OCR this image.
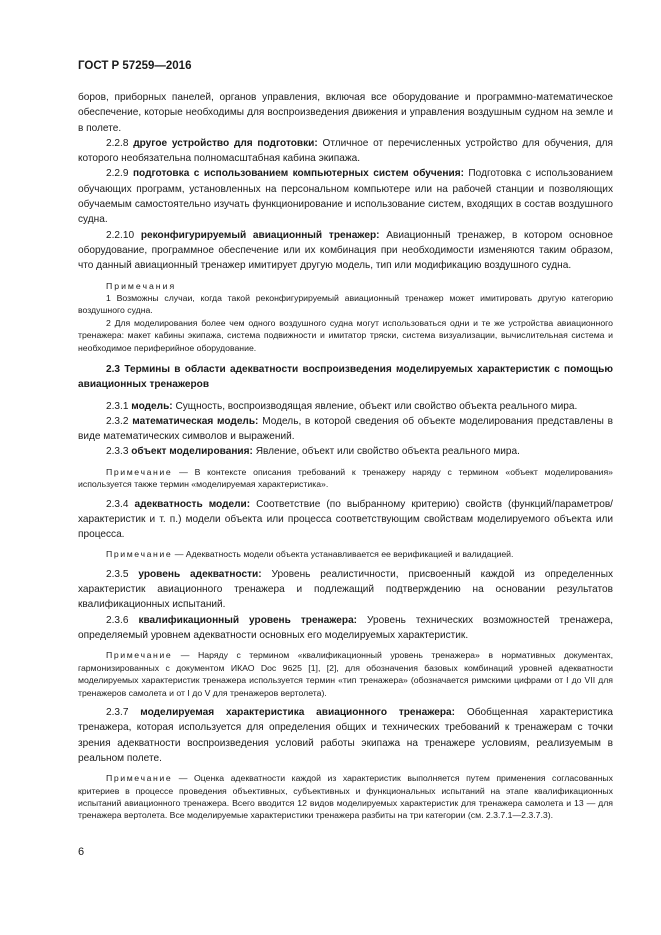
ГОСТ Р 57259—2016

боров, приборных панелей, органов управления, включая все оборудование и программно-математическое обеспечение, которые необходимы для воспроизведения движения и управления воздушным судном на земле и в полете.

2.2.8 другое устройство для подготовки: Отличное от перечисленных устройство для обучения, для которого необязательна полномасштабная кабина экипажа.

2.2.9 подготовка с использованием компьютерных систем обучения: Подготовка с использованием обучающих программ, установленных на персональном компьютере или на рабочей станции и позволяющих обучаемым самостоятельно изучать функционирование и использование систем, входящих в состав воздушного судна.

2.2.10 реконфигурируемый авиационный тренажер: Авиационный тренажер, в котором основное оборудование, программное обеспечение или их комбинация при необходимости изменяются таким образом, что данный авиационный тренажер имитирует другую модель, тип или модификацию воздушного судна.

Примечания

1 Возможны случаи, когда такой реконфигурируемый авиационный тренажер может имитировать другую категорию воздушного судна.

2 Для моделирования более чем одного воздушного судна могут использоваться одни и те же устройства авиационного тренажера: макет кабины экипажа, система подвижности и имитатор тряски, система визуализации, вычислительная система и необходимое периферийное оборудование.

2.3 Термины в области адекватности воспроизведения моделируемых характеристик с помощью авиационных тренажеров

2.3.1 модель: Сущность, воспроизводящая явление, объект или свойство объекта реального мира.

2.3.2 математическая модель: Модель, в которой сведения об объекте моделирования представлены в виде математических символов и выражений.

2.3.3 объект моделирования: Явление, объект или свойство объекта реального мира.

Примечание — В контексте описания требований к тренажеру наряду с термином «объект моделирования» используется также термин «моделируемая характеристика».

2.3.4 адекватность модели: Соответствие (по выбранному критерию) свойств (функций/параметров/характеристик и т. п.) модели объекта или процесса соответствующим свойствам моделируемого объекта или процесса.

Примечание — Адекватность модели объекта устанавливается ее верификацией и валидацией.

2.3.5 уровень адекватности: Уровень реалистичности, присвоенный каждой из определенных характеристик авиационного тренажера и подлежащий подтверждению на основании результатов квалификационных испытаний.

2.3.6 квалификационный уровень тренажера: Уровень технических возможностей тренажера, определяемый уровнем адекватности основных его моделируемых характеристик.

Примечание — Наряду с термином «квалификационный уровень тренажера» в нормативных документах, гармонизированных с документом ИКАО Doc 9625 [1], [2], для обозначения базовых комбинаций уровней адекватности моделируемых характеристик тренажера используется термин «тип тренажера» (обозначается римскими цифрами от I до VII для тренажеров самолета и от I до V для тренажеров вертолета).

2.3.7 моделируемая характеристика авиационного тренажера: Обобщенная характеристика тренажера, которая используется для определения общих и технических требований к тренажерам с точки зрения адекватности воспроизведения условий работы экипажа на тренажере условиям, реализуемым в реальном полете.

Примечание — Оценка адекватности каждой из характеристик выполняется путем применения согласованных критериев в процессе проведения объективных, субъективных и функциональных испытаний на этапе квалификационных испытаний авиационного тренажера. Всего вводится 12 видов моделируемых характеристик для тренажера самолета и 13 — для тренажера вертолета. Все моделируемые характеристики тренажера разбиты на три категории (см. 2.3.7.1—2.3.7.3).

6
